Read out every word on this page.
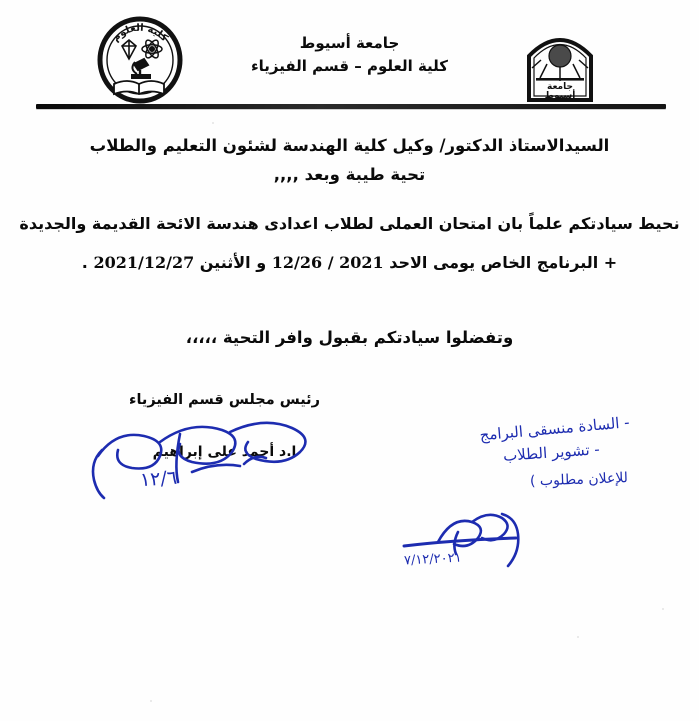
كلية العلوم
جامعة
أسيوط
جامعة أسيوط
كلية العلوم – قسم الفيزياء
السيدالاستاذ الدكتور/ وكيل كلية الهندسة لشئون التعليم والطلاب
تحية طيبة وبعد ,,,,
نحيط سيادتكم علماً بان امتحان العملى لطلاب اعدادى هندسة الائحة القديمة والجديدة
+ البرنامج الخاص يومى الاحد 12/26 / 2021 و الأثنين 2021/12/27 .
وتفضلوا سيادتكم بقبول وافر التحية ،،،،،
رئيس مجلس قسم الفيزياء
ا.د أحمد على إبراهيم
١٢/٦
- السادة منسقى البرامج
- تشوير الطلاب
للإعلان مطلوب )
٧/١٢/٢٠٢١
